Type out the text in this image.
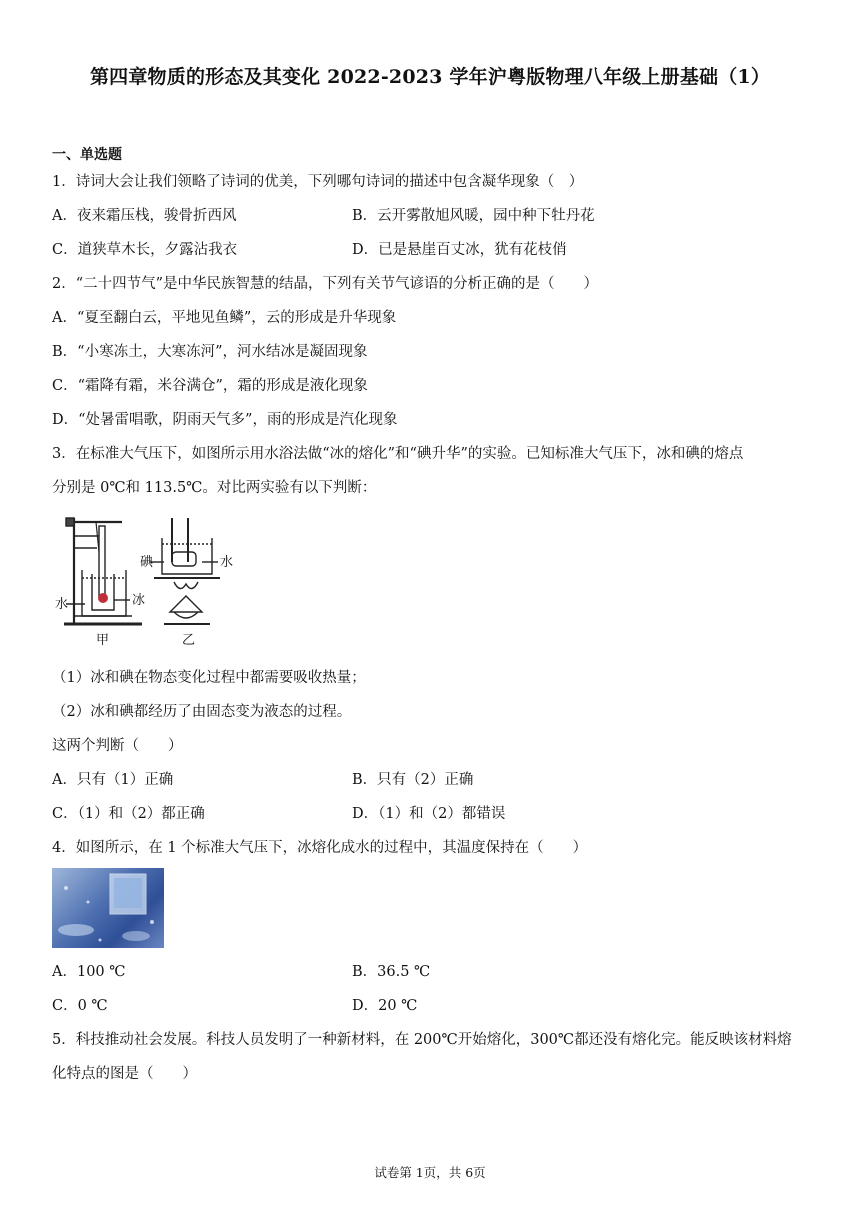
第四章物质的形态及其变化 2022-2023 学年沪粤版物理八年级上册基础（1）
一、单选题
1．诗词大会让我们领略了诗词的优美，下列哪句诗词的描述中包含凝华现象（　）
A．夜来霜压栈，骏骨折西风	B．云开雾散旭风暖，园中种下牡丹花
C．道狭草木长，夕露沾我衣	D．已是悬崖百丈冰，犹有花枝俏
2．“二十四节气”是中华民族智慧的结晶，下列有关节气谚语的分析正确的是（　　）
A．“夏至翻白云，平地见鱼鳞”，云的形成是升华现象
B．“小寒冻土，大寒冻河”，河水结冰是凝固现象
C．“霜降有霜，米谷满仓”，霜的形成是液化现象
D．“处暑雷唱歌，阴雨天气多”，雨的形成是汽化现象
3．在标准大气压下，如图所示用水浴法做“冰的熔化”和“碘升华”的实验。已知标准大气压下，冰和碘的熔点
分别是 0℃和 113.5℃。对比两实验有以下判断：
水	冰
碘	水
甲	乙
（1）冰和碘在物态变化过程中都需要吸收热量；
（2）冰和碘都经历了由固态变为液态的过程。
这两个判断（　　）
A．只有（1）正确	B．只有（2）正确
C．（1）和（2）都正确	D．（1）和（2）都错误
4．如图所示，在 1 个标准大气压下，冰熔化成水的过程中，其温度保持在（　　）
A．100 ℃	B．36.5 ℃
C．0 ℃	D．20 ℃
5．科技推动社会发展。科技人员发明了一种新材料，在 200℃开始熔化，300℃都还没有熔化完。能反映该材料熔
化特点的图是（　　）
试卷第 1页，共 6页
